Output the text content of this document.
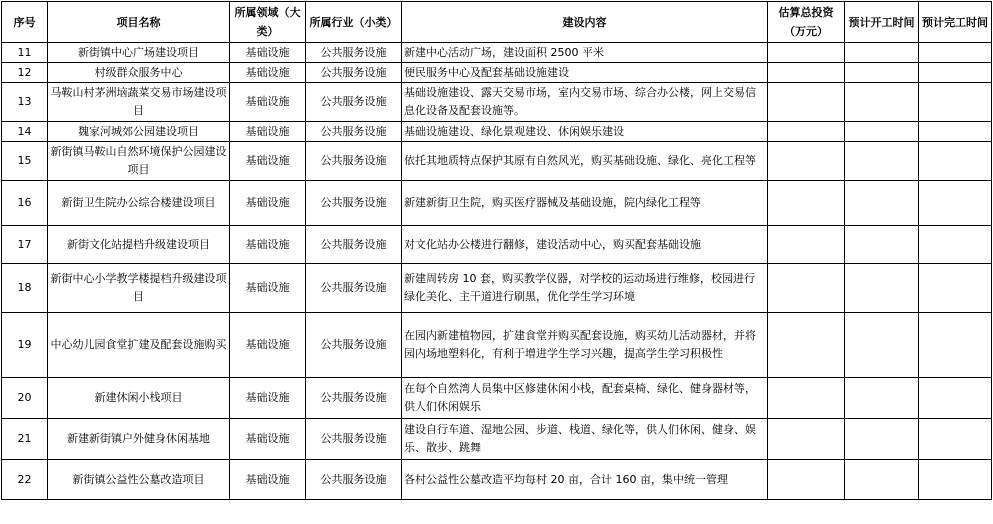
序号	项目名称	所属领域（大类）	所属行业（小类）	建设内容	估算总投资（万元）	预计开工时间	预计完工时间
11	新街镇中心广场建设项目	基础设施	公共服务设施	新建中心活动广场，建设面积 2500 平米			
12	村级群众服务中心	基础设施	公共服务设施	便民服务中心及配套基础设施建设			
13	马鞍山村茅洲垴蔬菜交易市场建设项目	基础设施	公共服务设施	基础设施建设、露天交易市场，室内交易市场、综合办公楼，网上交易信息化设备及配套设施等。			
14	魏家河城郊公园建设项目	基础设施	公共服务设施	基础设施建设、绿化景观建设、休闲娱乐建设			
15	新街镇马鞍山自然环境保护公园建设项目	基础设施	公共服务设施	依托其地质特点保护其原有自然风光，购买基础设施、绿化、亮化工程等			
16	新街卫生院办公综合楼建设项目	基础设施	公共服务设施	新建新街卫生院，购买医疗器械及基础设施，院内绿化工程等			
17	新街文化站提档升级建设项目	基础设施	公共服务设施	对文化站办公楼进行翻修，建设活动中心，购买配套基础设施			
18	新街中心小学教学楼提档升级建设项目	基础设施	公共服务设施	新建周转房 10 套，购买教学仪器，对学校的运动场进行维修，校园进行绿化美化、主干道进行刷黑，优化学生学习环境			
19	中心幼儿园食堂扩建及配套设施购买	基础设施	公共服务设施	在园内新建植物园，扩建食堂并购买配套设施，购买幼儿活动器材，并将园内场地塑料化，有利于增进学生学习兴趣，提高学生学习积极性			
20	新建休闲小栈项目	基础设施	公共服务设施	在每个自然湾人员集中区修建休闲小栈，配套桌椅、绿化、健身器材等，供人们休闲娱乐			
21	新建新街镇户外健身休闲基地	基础设施	公共服务设施	建设自行车道、湿地公园、步道、栈道、绿化等，供人们休闲、健身、娱乐、散步、跳舞			
22	新街镇公益性公墓改造项目	基础设施	公共服务设施	各村公益性公墓改造平均每村 20 亩，合计 160 亩，集中统一管理			
